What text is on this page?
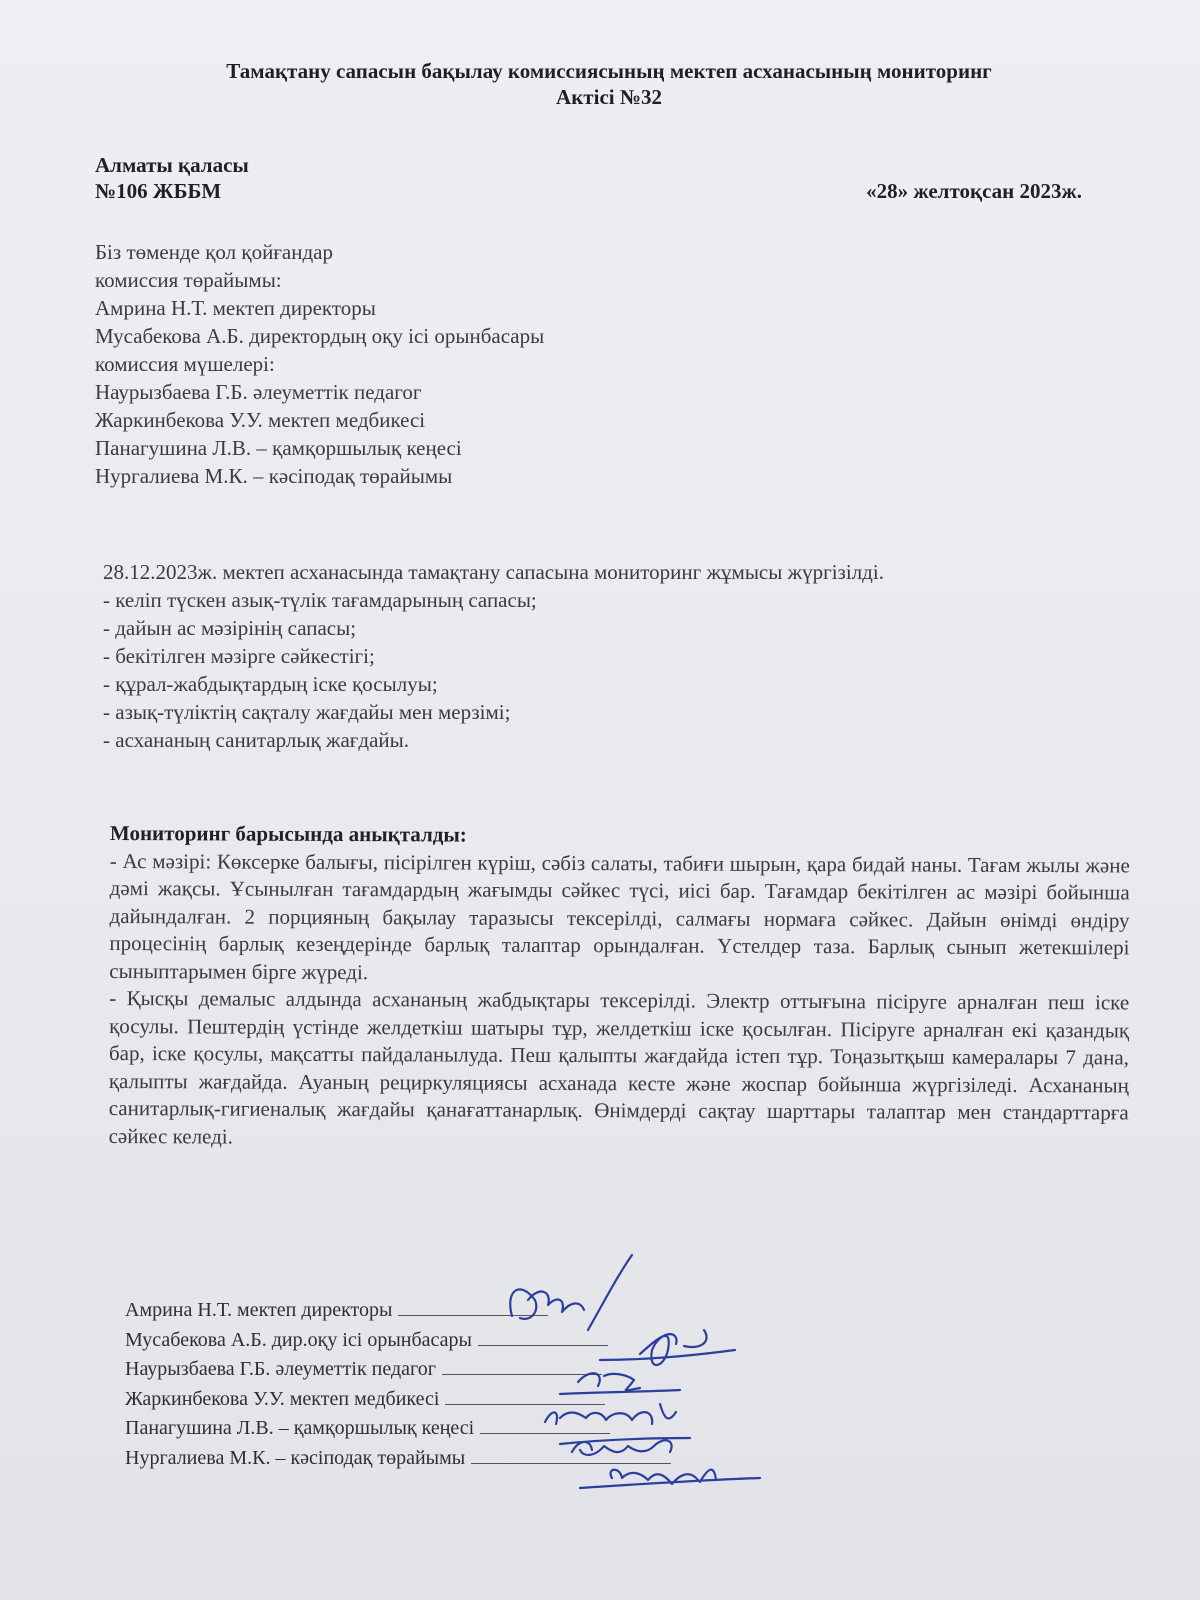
Тамақтану сапасын бақылау комиссиясының мектеп асханасының мониторинг
Актісі №32
Алматы қаласы
№106 ЖББМ	«28» желтоқсан 2023ж.
Біз төменде қол қойғандар
комиссия төрайымы:
Амрина Н.Т. мектеп директоры
Мусабекова А.Б. директордың оқу ісі орынбасары
комиссия мүшелері:
Наурызбаева Г.Б. әлеуметтік педагог
Жаркинбекова У.У. мектеп медбикесі
Панагушина Л.В. – қамқоршылық кеңесі
Нургалиева М.К. – кәсіподақ төрайымы
28.12.2023ж. мектеп асханасында тамақтану сапасына мониторинг жұмысы жүргізілді.
- келіп түскен азық-түлік тағамдарының сапасы;
- дайын ас мәзірінің сапасы;
- бекітілген мәзірге сәйкестігі;
- құрал-жабдықтардың іске қосылуы;
- азық-түліктің сақталу жағдайы мен мерзімі;
- асхананың санитарлық жағдайы.
Мониторинг барысында анықталды:

- Ас мәзірі: Көксерке балығы, пісірілген күріш, сәбіз салаты, табиғи шырын, қара бидай наны. Тағам жылы және дәмі жақсы. Ұсынылған тағамдардың жағымды сәйкес түсі, иісі бар. Тағамдар бекітілген ас мәзірі бойынша дайындалған. 2 порцияның бақылау таразысы тексерілді, салмағы нормаға сәйкес. Дайын өнімді өндіру процесінің барлық кезеңдерінде барлық талаптар орындалған. Үстелдер таза. Барлық сынып жетекшілері сыныптарымен бірге жүреді.

- Қысқы демалыс алдында асхананың жабдықтары тексерілді. Электр оттығына пісіруге арналған пеш іске қосулы. Пештердің үстінде желдеткіш шатыры тұр, желдеткіш іске қосылған. Пісіруге арналған екі қазандық бар, іске қосулы, мақсатты пайдаланылуда. Пеш қалыпты жағдайда істеп тұр. Тоңазытқыш камералары 7 дана, қалыпты жағдайда. Ауаның рециркуляциясы асханада кесте және жоспар бойынша жүргізіледі. Асхананың санитарлық-гигиеналық жағдайы қанағаттанарлық. Өнімдерді сақтау шарттары талаптар мен стандарттарға сәйкес келеді.

Амрина Н.Т. мектеп директоры
Мусабекова А.Б. дир.оқу ісі орынбасары
Наурызбаева Г.Б. әлеуметтік педагог
Жаркинбекова У.У. мектеп медбикесі
Панагушина Л.В. – қамқоршылық кеңесі
Нургалиева М.К. – кәсіподақ төрайымы
